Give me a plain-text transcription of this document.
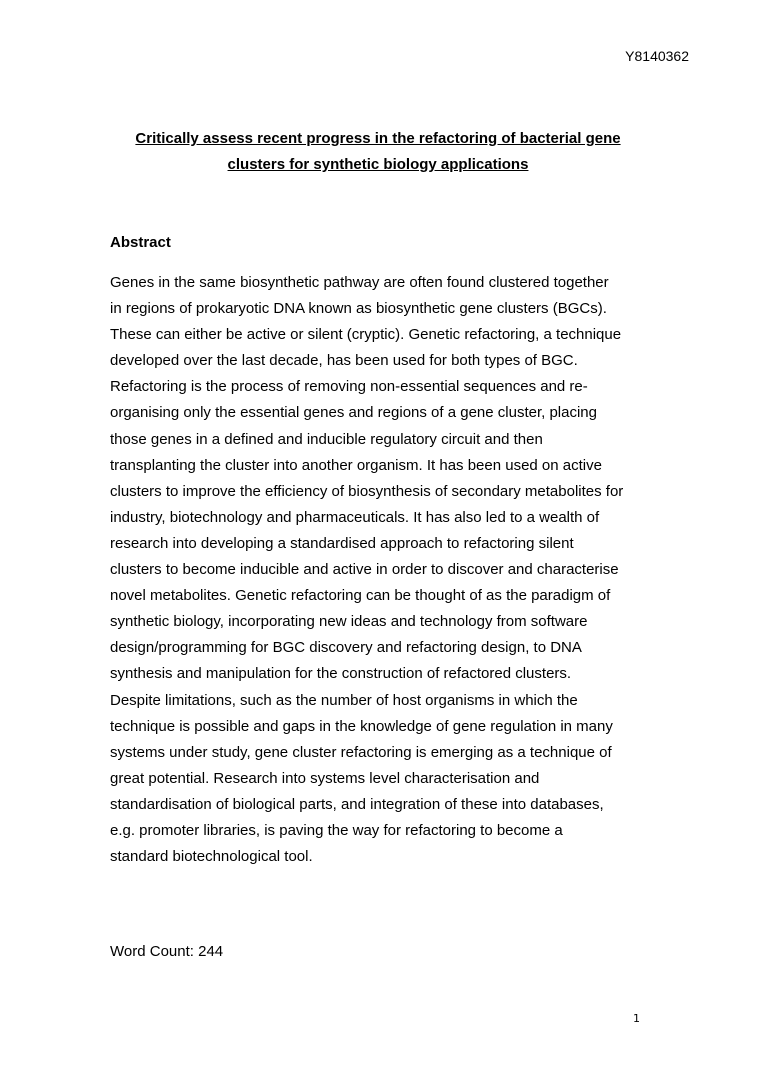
Y8140362
Critically assess recent progress in the refactoring of bacterial gene
clusters for synthetic biology applications
Abstract
Genes in the same biosynthetic pathway are often found clustered together
in regions of prokaryotic DNA known as biosynthetic gene clusters (BGCs).
These can either be active or silent (cryptic). Genetic refactoring, a technique
developed over the last decade, has been used for both types of BGC.
Refactoring is the process of removing non-essential sequences and re-
organising only the essential genes and regions of a gene cluster, placing
those genes in a defined and inducible regulatory circuit and then
transplanting the cluster into another organism. It has been used on active
clusters to improve the efficiency of biosynthesis of secondary metabolites for
industry, biotechnology and pharmaceuticals. It has also led to a wealth of
research into developing a standardised approach to refactoring silent
clusters to become inducible and active in order to discover and characterise
novel metabolites. Genetic refactoring can be thought of as the paradigm of
synthetic biology, incorporating new ideas and technology from software
design/programming for BGC discovery and refactoring design, to DNA
synthesis and manipulation for the construction of refactored clusters.
Despite limitations, such as the number of host organisms in which the
technique is possible and gaps in the knowledge of gene regulation in many
systems under study, gene cluster refactoring is emerging as a technique of
great potential. Research into systems level characterisation and
standardisation of biological parts, and integration of these into databases,
e.g. promoter libraries, is paving the way for refactoring to become a
standard biotechnological tool.
Word Count: 244
1
